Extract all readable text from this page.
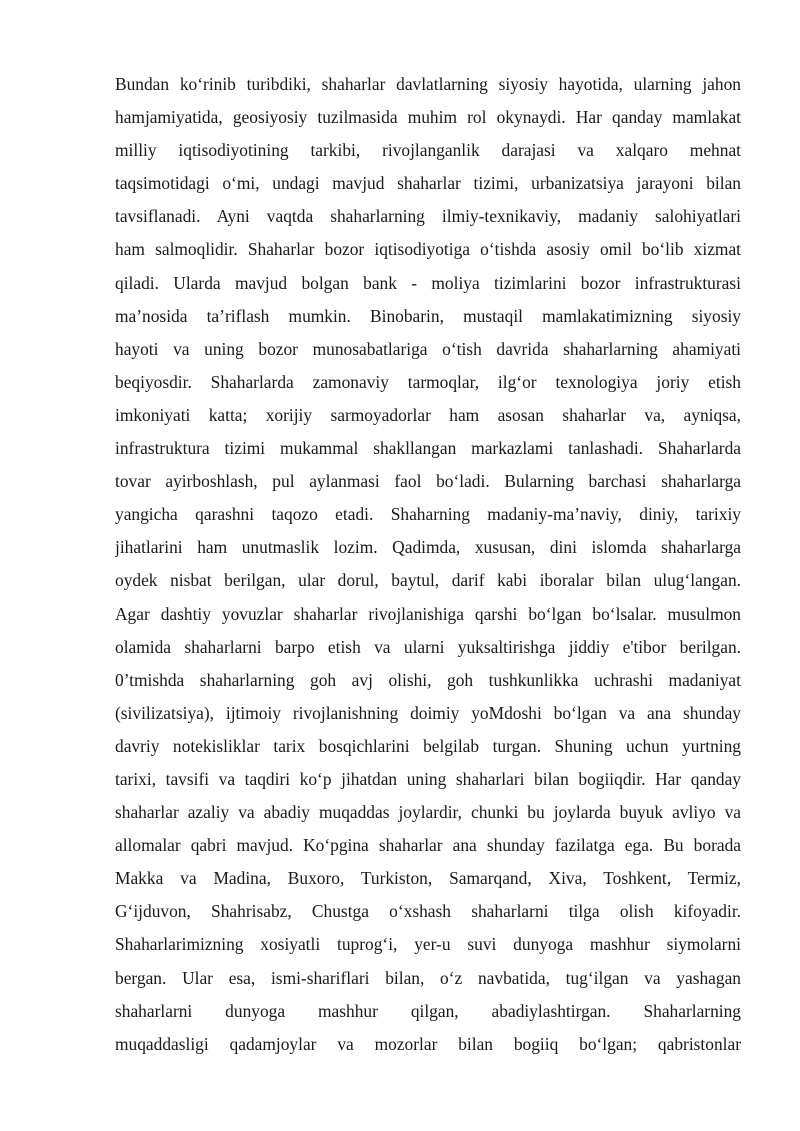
Bundan ko‘rinib turibdiki, shaharlar davlatlarning siyosiy hayotida, ularning jahon
hamjamiyatida, geosiyosiy tuzilmasida muhim rol okynaydi. Har qanday mamlakat
milliy iqtisodiyotining tarkibi, rivojlanganlik darajasi va xalqaro mehnat
taqsimotidagi o‘mi, undagi mavjud shaharlar tizimi, urbanizatsiya jarayoni bilan
tavsiflanadi. Ayni vaqtda shaharlarning ilmiy-texnikaviy, madaniy salohiyatlari
ham salmoqlidir. Shaharlar bozor iqtisodiyotiga o‘tishda asosiy omil bo‘lib xizmat
qiladi. Ularda mavjud bolgan bank - moliya tizimlarini bozor infrastrukturasi
ma’nosida ta’riflash mumkin. Binobarin, mustaqil mamlakatimizning siyosiy
hayoti va uning bozor munosabatlariga o‘tish davrida shaharlarning ahamiyati
beqiyosdir. Shaharlarda zamonaviy tarmoqlar, ilg‘or texnologiya joriy etish
imkoniyati katta; xorijiy sarmoyadorlar ham asosan shaharlar va, ayniqsa,
infrastruktura tizimi mukammal shakllangan markazlami tanlashadi. Shaharlarda
tovar ayirboshlash, pul aylanmasi faol bo‘ladi. Bularning barchasi shaharlarga
yangicha qarashni taqozo etadi. Shaharning madaniy-ma’naviy, diniy, tarixiy
jihatlarini ham unutmaslik lozim. Qadimda, xususan, dini islomda shaharlarga
oydek nisbat berilgan, ular dorul, baytul, darif kabi iboralar bilan ulug‘langan.
Agar dashtiy yovuzlar shaharlar rivojlanishiga qarshi bo‘lgan bo‘lsalar. musulmon
olamida shaharlarni barpo etish va ularni yuksaltirishga jiddiy e'tibor berilgan.
0’tmishda shaharlarning goh avj olishi, goh tushkunlikka uchrashi madaniyat
(sivilizatsiya), ijtimoiy rivojlanishning doimiy yoMdoshi bo‘lgan va ana shunday
davriy notekisliklar tarix bosqichlarini belgilab turgan. Shuning uchun yurtning
tarixi, tavsifi va taqdiri ko‘p jihatdan uning shaharlari bilan bogiiqdir. Har qanday
shaharlar azaliy va abadiy muqaddas joylardir, chunki bu joylarda buyuk avliyo va
allomalar qabri mavjud. Ko‘pgina shaharlar ana shunday fazilatga ega. Bu borada
Makka va Madina, Buxoro, Turkiston, Samarqand, Xiva, Toshkent, Termiz,
G‘ijduvon, Shahrisabz, Chustga o‘xshash shaharlarni tilga olish kifoyadir.
Shaharlarimizning xosiyatli tuprog‘i, yer-u suvi dunyoga mashhur siymolarni
bergan. Ular esa, ismi-shariflari bilan, o‘z navbatida, tug‘ilgan va yashagan
shaharlarni dunyoga mashhur qilgan, abadiylashtirgan. Shaharlarning
muqaddasligi qadamjoylar va mozorlar bilan bogiiq bo‘lgan; qabristonlar
